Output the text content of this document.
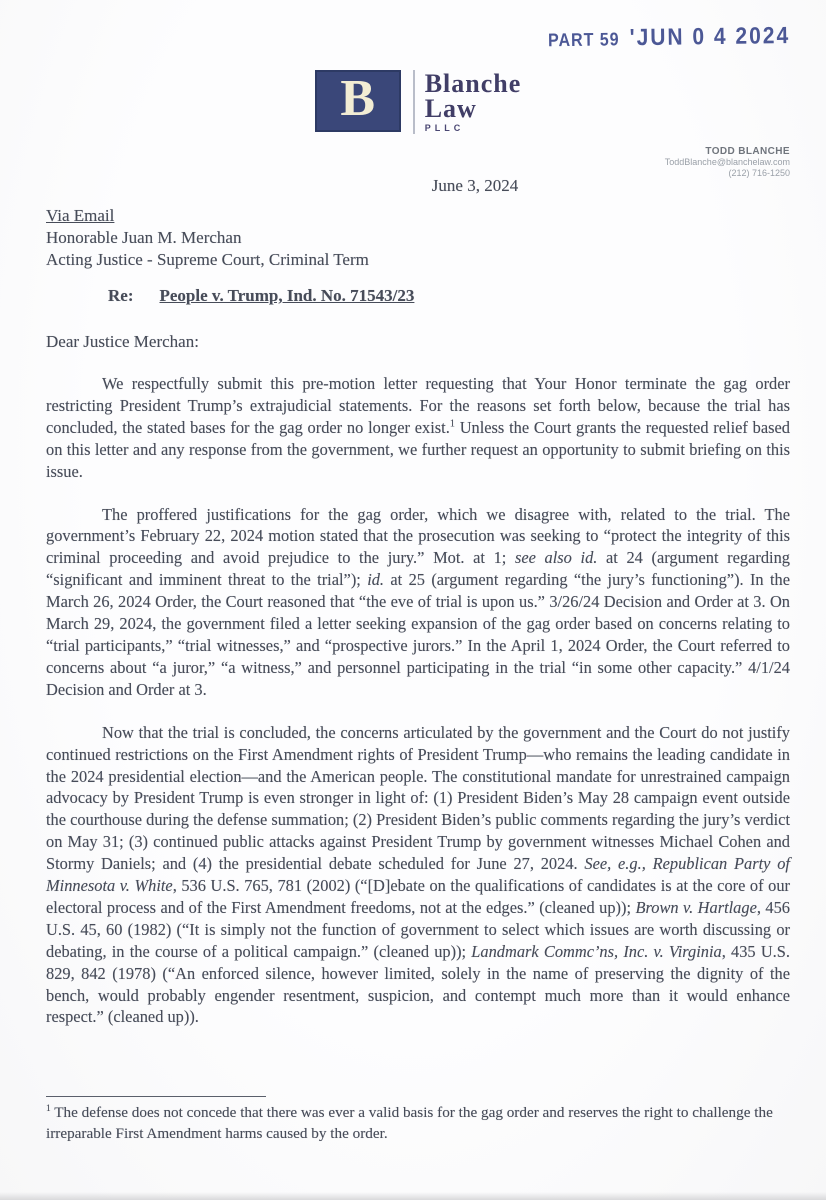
PART 59 'JUN 0 4 2024
B Blanche
Law
PLLC
TODD BLANCHE
ToddBlanche@blanchelaw.com
(212) 716-1250
June 3, 2024
Via Email
Honorable Juan M. Merchan
Acting Justice - Supreme Court, Criminal Term
Re: People v. Trump, Ind. No. 71543/23
Dear Justice Merchan:

We respectfully submit this pre-motion letter requesting that Your Honor terminate the gag order restricting President Trump’s extrajudicial statements. For the reasons set forth below, because the trial has concluded, the stated bases for the gag order no longer exist.$^1$ Unless the Court grants the requested relief based on this letter and any response from the government, we further request an opportunity to submit briefing on this issue.

The proffered justifications for the gag order, which we disagree with, related to the trial. The government’s February 22, 2024 motion stated that the prosecution was seeking to “protect the integrity of this criminal proceeding and avoid prejudice to the jury.” Mot. at 1; see also id. at 24 (argument regarding “significant and imminent threat to the trial”); id. at 25 (argument regarding “the jury’s functioning”). In the March 26, 2024 Order, the Court reasoned that “the eve of trial is upon us.” 3/26/24 Decision and Order at 3. On March 29, 2024, the government filed a letter seeking expansion of the gag order based on concerns relating to “trial participants,” “trial witnesses,” and “prospective jurors.” In the April 1, 2024 Order, the Court referred to concerns about “a juror,” “a witness,” and personnel participating in the trial “in some other capacity.” 4/1/24 Decision and Order at 3.

Now that the trial is concluded, the concerns articulated by the government and the Court do not justify continued restrictions on the First Amendment rights of President Trump—who remains the leading candidate in the 2024 presidential election—and the American people. The constitutional mandate for unrestrained campaign advocacy by President Trump is even stronger in light of: (1) President Biden’s May 28 campaign event outside the courthouse during the defense summation; (2) President Biden’s public comments regarding the jury’s verdict on May 31; (3) continued public attacks against President Trump by government witnesses Michael Cohen and Stormy Daniels; and (4) the presidential debate scheduled for June 27, 2024. See, e.g., Republican Party of Minnesota v. White, 536 U.S. 765, 781 (2002) (“[D]ebate on the qualifications of candidates is at the core of our electoral process and of the First Amendment freedoms, not at the edges.” (cleaned up)); Brown v. Hartlage, 456 U.S. 45, 60 (1982) (“It is simply not the function of government to select which issues are worth discussing or debating, in the course of a political campaign.” (cleaned up)); Landmark Commc’ns, Inc. v. Virginia, 435 U.S. 829, 842 (1978) (“An enforced silence, however limited, solely in the name of preserving the dignity of the bench, would probably engender resentment, suspicion, and contempt much more than it would enhance respect.” (cleaned up)).

$^1$ The defense does not concede that there was ever a valid basis for the gag order and reserves the right to challenge the irreparable First Amendment harms caused by the order.
